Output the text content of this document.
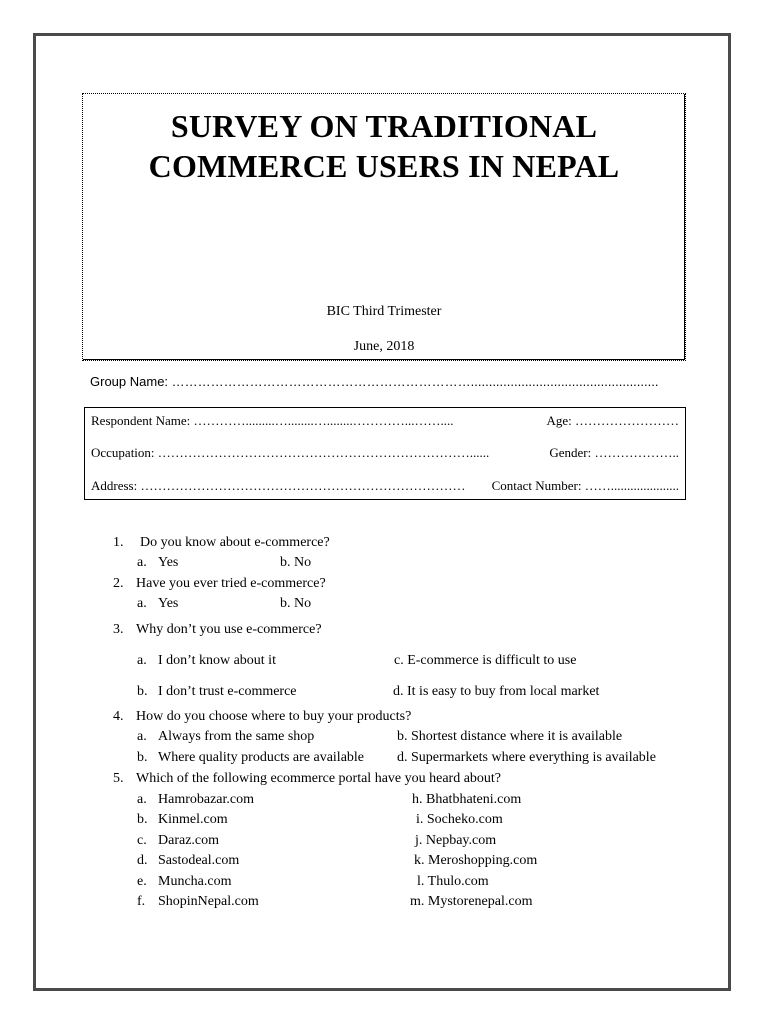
SURVEY ON TRADITIONAL
COMMERCE USERS IN NEPAL
BIC Third Trimester
June, 2018
Group Name: ……………………………………………………………....................................................
Respondent Name: ………….........…........…........…………...……....	Age: ……………………
Occupation: ………………………………………………………………......	Gender: ………………..
Address: ………………………………………………………………… Contact Number: …….....................
1. Do you know about e-commerce?
a. Yes	b. No
2. Have you ever tried e-commerce?
a. Yes	b. No
3. Why don’t you use e-commerce?
a. I don’t know about it	c. E-commerce is difficult to use
b. I don’t trust e-commerce	d. It is easy to buy from local market
4. How do you choose where to buy your products?
a. Always from the same shop	b. Shortest distance where it is available
b. Where quality products are available d. Supermarkets where everything is available
5. Which of the following ecommerce portal have you heard about?
a. Hamrobazar.com	h. Bhatbhateni.com
b. Kinmel.com	i. Socheko.com
c. Daraz.com	j. Nepbay.com
d. Sastodeal.com	k. Meroshopping.com
e. Muncha.com	l. Thulo.com
f. ShopinNepal.com	m. Mystorenepal.com
